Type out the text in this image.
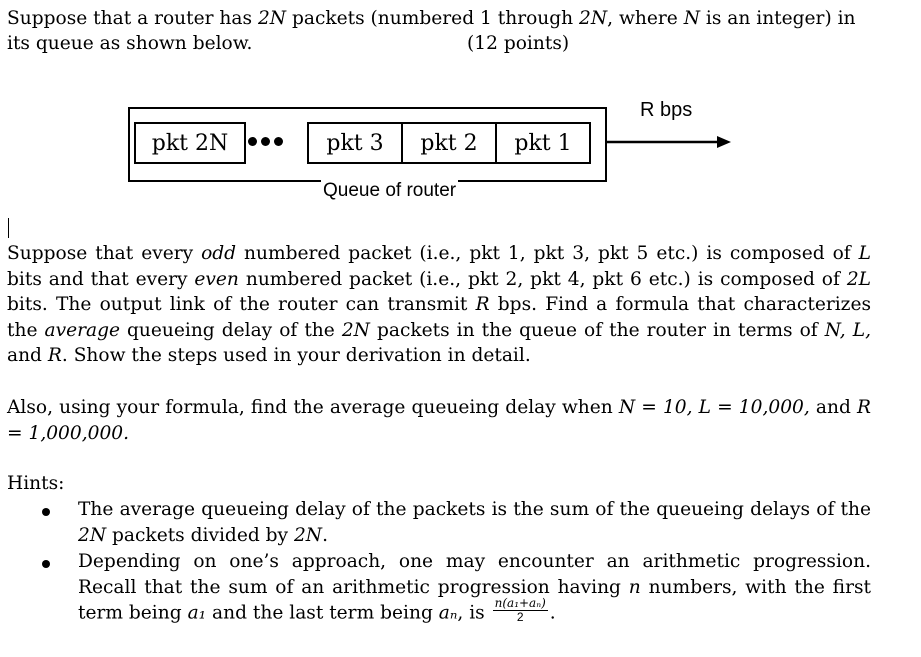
Suppose that a router has 2N packets (numbered 1 through 2N, where N is an integer) in

its queue as shown below.	(12 points)
pkt 2N	pkt 3	pkt 2	pkt 1
Queue of router
R bps

Suppose that every odd numbered packet (i.e., pkt 1, pkt 3, pkt 5 etc.) is composed of L bits and that every even numbered packet (i.e., pkt 2, pkt 4, pkt 6 etc.) is composed of 2L bits. The output link of the router can transmit R bps. Find a formula that characterizes the average queueing delay of the 2N packets in the queue of the router in terms of N, L, and R. Show the steps used in your derivation in detail.

Also, using your formula, find the average queueing delay when N = 10, L = 10,000, and R = 1,000,000.

Hints:

The average queueing delay of the packets is the sum of the queueing delays of the 2N packets divided by 2N.
Depending on one’s approach, one may encounter an arithmetic progression. Recall that the sum of an arithmetic progression having n numbers, with the first term being a₁ and the last term being aₙ, is $\frac{\text{n(a₁+aₙ)}}{2}$ .
